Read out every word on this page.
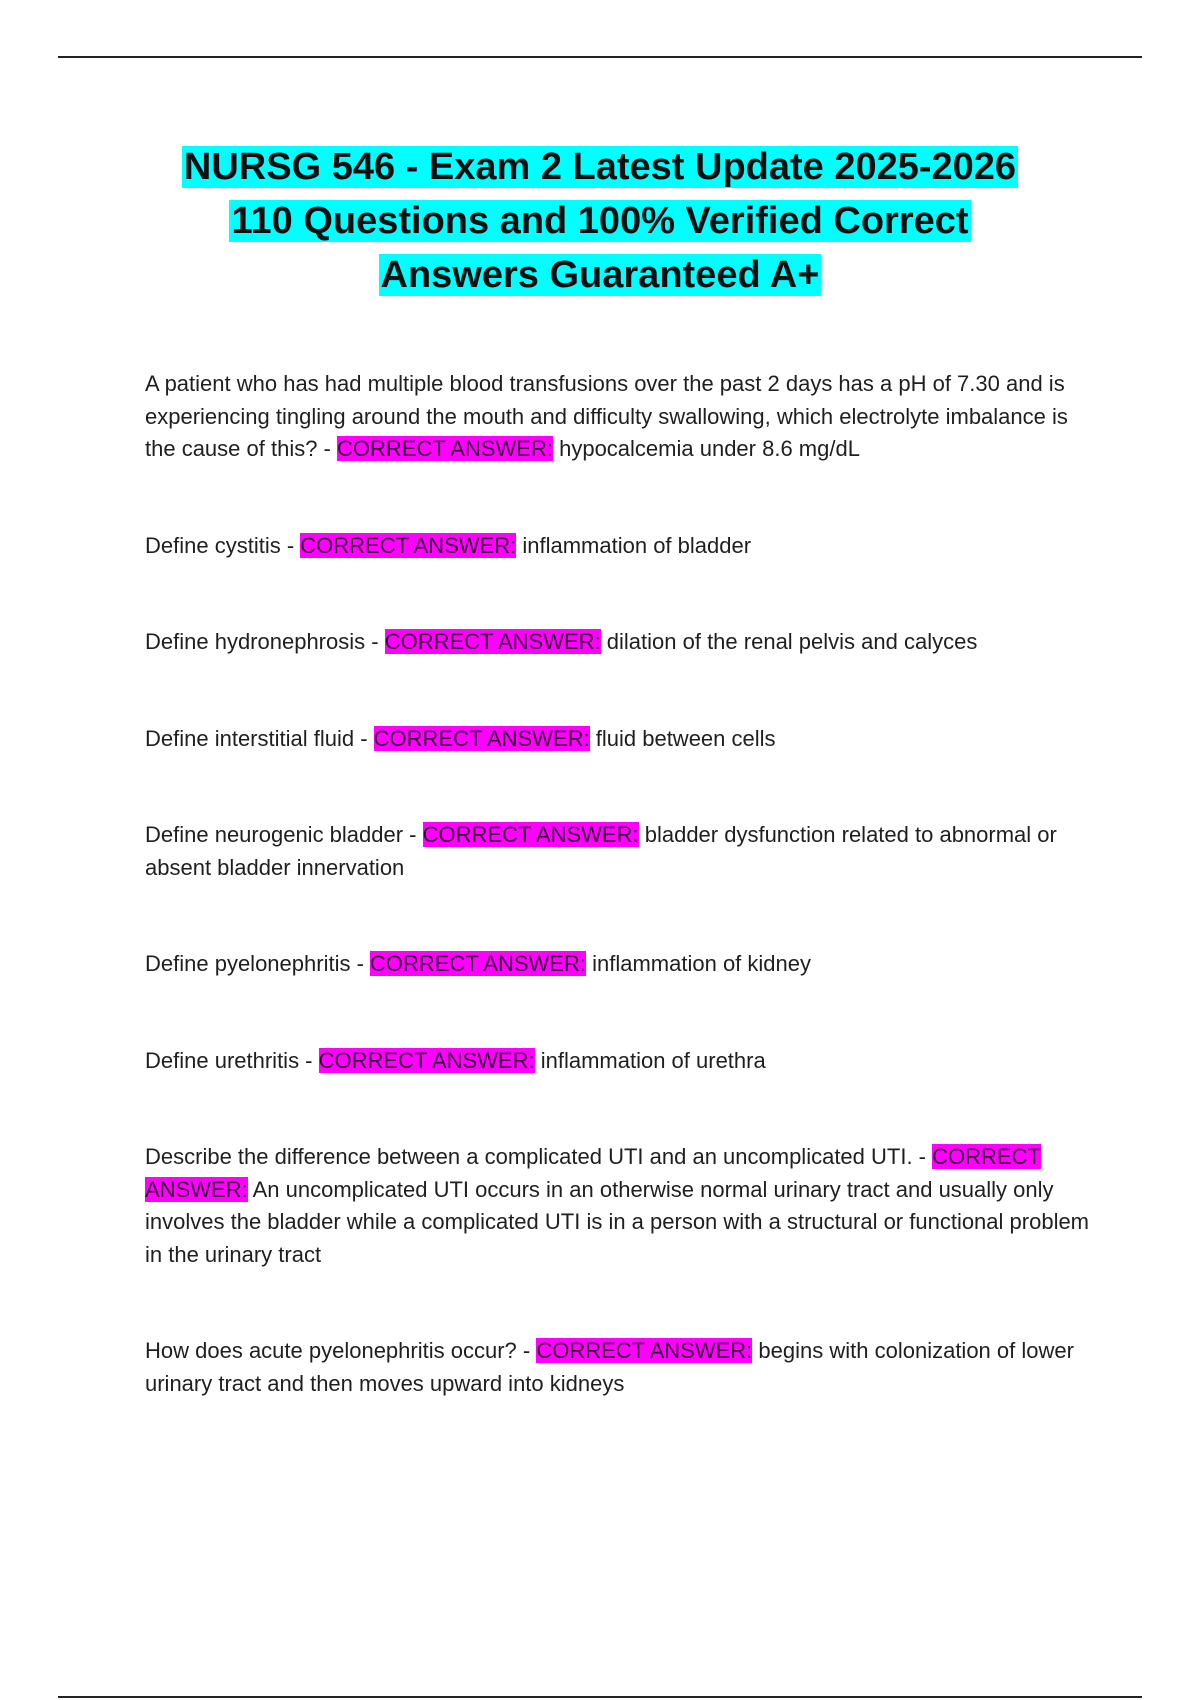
NURSG 546 - Exam 2 Latest Update 2025-2026
110 Questions and 100% Verified Correct
Answers Guaranteed A+

A patient who has had multiple blood transfusions over the past 2 days has a pH of 7.30 and is experiencing tingling around the mouth and difficulty swallowing, which electrolyte imbalance is the cause of this? - CORRECT ANSWER: hypocalcemia under 8.6 mg/dL

Define cystitis - CORRECT ANSWER: inflammation of bladder

Define hydronephrosis - CORRECT ANSWER: dilation of the renal pelvis and calyces

Define interstitial fluid - CORRECT ANSWER: fluid between cells

Define neurogenic bladder - CORRECT ANSWER: bladder dysfunction related to abnormal or absent bladder innervation

Define pyelonephritis - CORRECT ANSWER: inflammation of kidney

Define urethritis - CORRECT ANSWER: inflammation of urethra

Describe the difference between a complicated UTI and an uncomplicated UTI. - CORRECT ANSWER: An uncomplicated UTI occurs in an otherwise normal urinary tract and usually only involves the bladder while a complicated UTI is in a person with a structural or functional problem in the urinary tract

How does acute pyelonephritis occur? - CORRECT ANSWER: begins with colonization of lower urinary tract and then moves upward into kidneys
